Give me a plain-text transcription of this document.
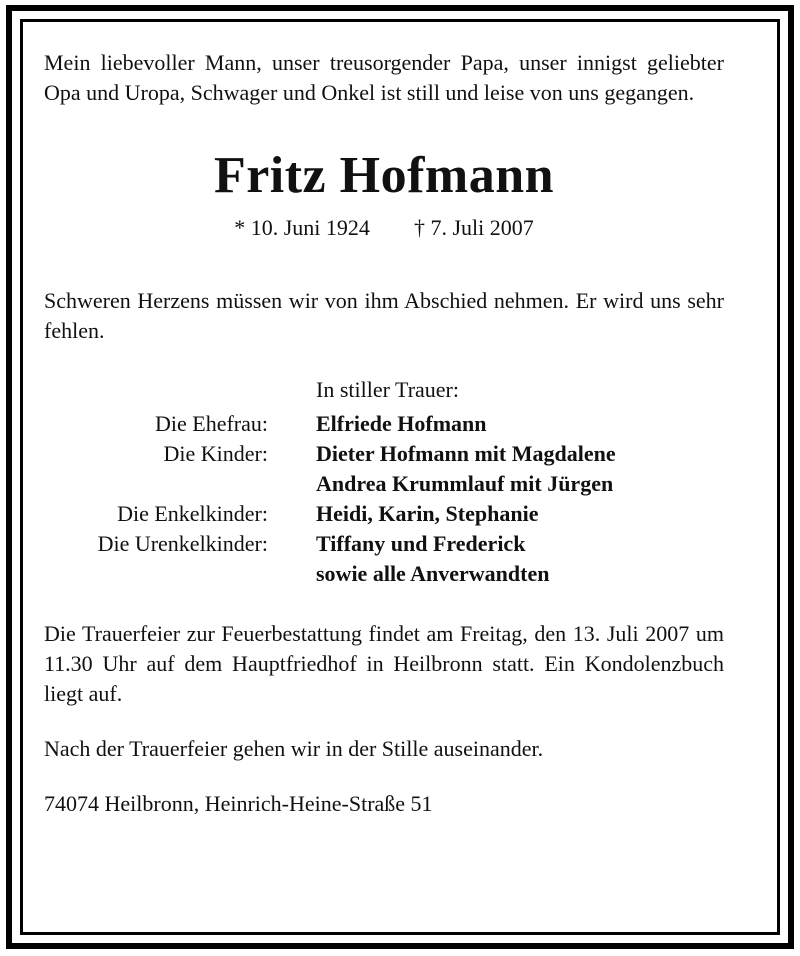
Mein liebevoller Mann, unser treusorgender Papa, unser innigst geliebter Opa und Uropa, Schwager und Onkel ist still und leise von uns gegangen.

Fritz Hofmann
* 10. Juni 1924 † 7. Juli 2007

Schweren Herzens müssen wir von ihm Abschied nehmen. Er wird uns sehr fehlen.

In stiller Trauer:
Die Ehefrau: Elfriede Hofmann
Die Kinder: Dieter Hofmann mit Magdalene
Andrea Krummlauf mit Jürgen
Die Enkelkinder: Heidi, Karin, Stephanie
Die Urenkelkinder: Tiffany und Frederick
sowie alle Anverwandten

Die Trauerfeier zur Feuerbestattung findet am Freitag, den 13. Juli 2007 um 11.30 Uhr auf dem Hauptfriedhof in Heilbronn statt. Ein Kondolenzbuch liegt auf.

Nach der Trauerfeier gehen wir in der Stille auseinander.

74074 Heilbronn, Heinrich-Heine-Straße 51
